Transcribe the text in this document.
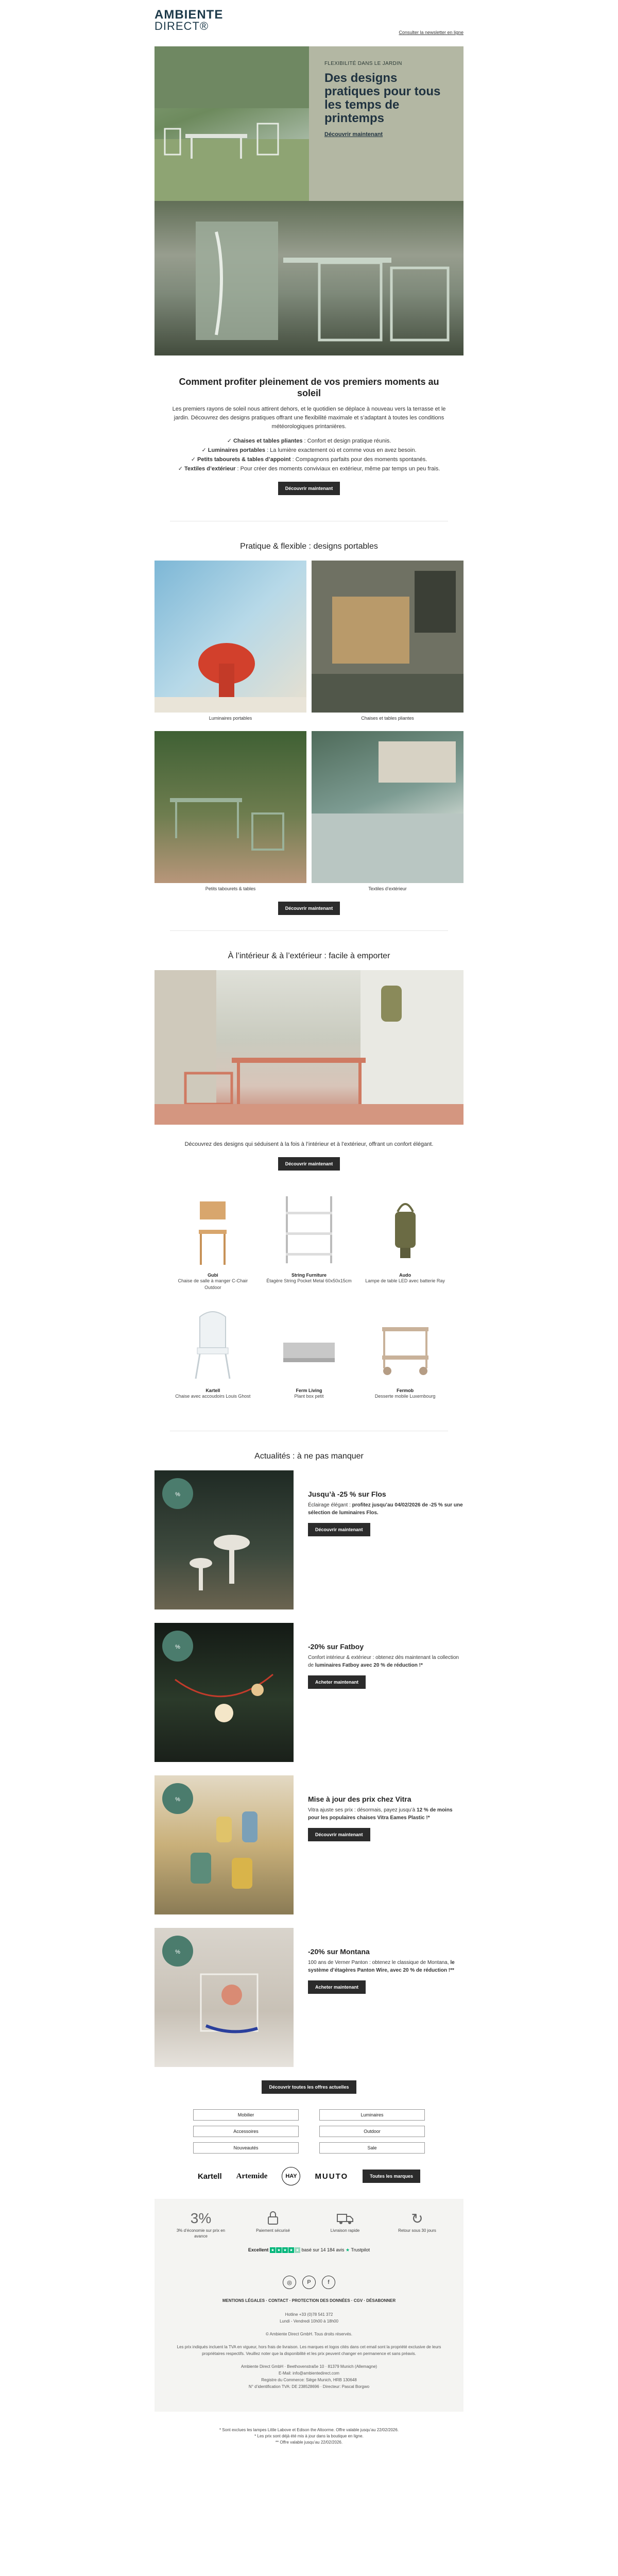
AMBIENTE
DIRECT®	Consulter la newsletter en ligne
FLEXIBILITÉ DANS LE JARDIN
Des designs pratiques pour tous les temps de printemps
Découvrir maintenant
Comment profiter pleinement de vos premiers moments au soleil

Les premiers rayons de soleil nous attirent dehors, et le quotidien se déplace à nouveau vers la terrasse et le jardin. Découvrez des designs pratiques offrant une flexibilité maximale et s’adaptant à toutes les conditions météorologiques printanières.

✓ Chaises et tables pliantes : Confort et design pratique réunis.
✓ Luminaires portables : La lumière exactement où et comme vous en avez besoin.
✓ Petits tabourets & tables d’appoint : Compagnons parfaits pour des moments spontanés.
✓ Textiles d’extérieur : Pour créer des moments conviviaux en extérieur, même par temps un peu frais.
Découvrir maintenant
Pratique & flexible : designs portables
Luminaires portables	Chaises et tables pliantes
Petits tabourets & tables	Textiles d’extérieur
Découvrir maintenant
À l’intérieur & à l’extérieur : facile à emporter

Découvrez des designs qui séduisent à la fois à l’intérieur et à l’extérieur, offrant un confort élégant.

Découvrir maintenant
Gubi
Chaise de salle à manger C-Chair Outdoor
String Furniture
Étagère String Pocket Metal 60x50x15cm
Audo
Lampe de table LED avec batterie Ray
Kartell
Chaise avec accoudoirs Louis Ghost
Ferm Living
Plant box petit
Fermob
Desserte mobile Luxembourg
Actualités : à ne pas manquer
%	Jusqu’à -25 % sur Flos
Éclairage élégant : profitez jusqu’au 04/02/2026 de -25 % sur une sélection de luminaires Flos.
Découvrir maintenant
%	-20% sur Fatboy
Confort intérieur & extérieur : obtenez dès maintenant la collection de luminaires Fatboy avec 20 % de réduction !*
Acheter maintenant
%	Mise à jour des prix chez Vitra
Vitra ajuste ses prix : désormais, payez jusqu’à 12 % de moins pour les populaires chaises Vitra Eames Plastic !*
Découvrir maintenant
%	-20% sur Montana
100 ans de Verner Panton : obtenez le classique de Montana, le système d’étagères Panton Wire, avec 20 % de réduction !**
Acheter maintenant
Découvrir toutes les offres actuelles
Mobilier	Luminaires
Accessoires	Outdoor
Nouveautés	Sale
Kartell Artemide	HAY	MUUTO	Toutes les marques
3%
3% d’économie sur prix en avance
Paiement sécurisé	Livraison rapide
↻
Retour sous 30 jours
Excellent ★ ★ ★ ★ ★ basé sur 14 184 avis ★ Trustpilot
◎	P	f
MENTIONS LÉGALES · CONTACT · PROTECTION DES DONNÉES · CGV · DÉSABONNER

Hotline +33 (0)78 541 372
Lundi - Vendredi 10h00 à 18h00

© Ambiente Direct GmbH. Tous droits réservés.

Les prix indiqués incluent la TVA en vigueur, hors frais de livraison. Les marques et logos cités dans cet email sont la propriété exclusive de leurs propriétaires respectifs. Veuillez noter que la disponibilité et les prix peuvent changer en permanence et sans préavis.

Ambiente Direct GmbH · Beethovenstraße 10 · 81379 Munich (Allemagne)
E-Mail: info@ambientedirect.com
Registre du Commerce: Siège Munich, HRB 130648
N° d’identification TVA: DE 238528696 · Directeur: Pascal Borgwo

* Sont exclues les lampes Little Labove et Edison the Altoorme. Offre valable jusqu’au 22/02/2026.
* Les prix sont déjà été mis à jour dans la boutique en ligne.
** Offre valable jusqu’au 22/02/2026.
